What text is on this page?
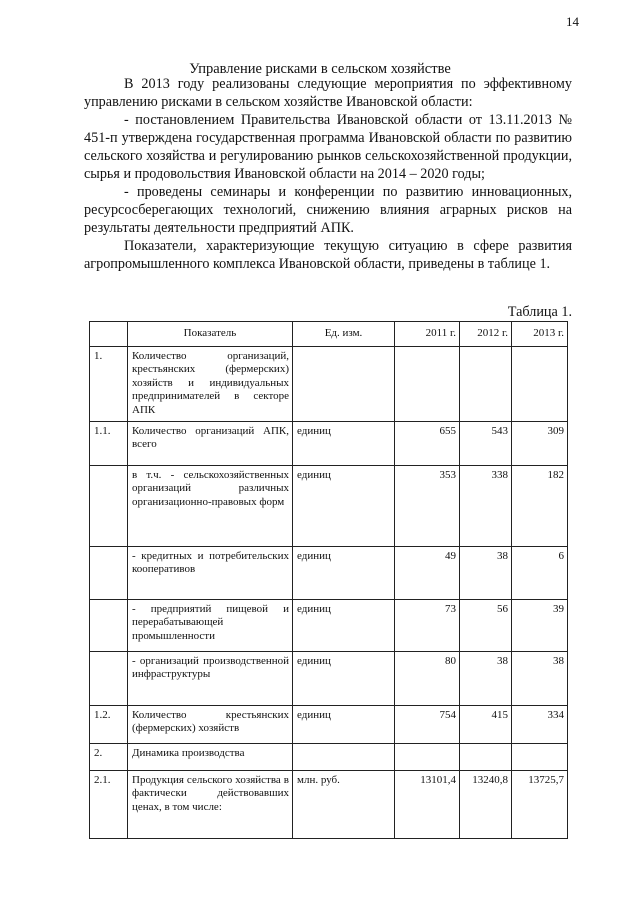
14
Управление рисками в сельском хозяйстве

В 2013 году реализованы следующие мероприятия по эффективному управлению рисками в сельском хозяйстве Ивановской области:

- постановлением Правительства Ивановской области от 13.11.2013 № 451-п утверждена государственная программа Ивановской области по развитию сельского хозяйства и регулированию рынков сельскохозяйственной продукции, сырья и продовольствия Ивановской области на 2014 – 2020 годы;

- проведены семинары и конференции по развитию инновационных, ресурсосберегающих технологий, снижению влияния аграрных рисков на результаты деятельности предприятий АПК.

Показатели, характеризующие текущую ситуацию в сфере развития агропромышленного комплекса Ивановской области, приведены в таблице 1.

Таблица 1.
	Показатель	Ед. изм.	2011 г.	2012 г.	2013 г.
1.	Количество организаций, крестьянских (фермерских) хозяйств и индивидуальных предпринимателей в секторе АПК				
1.1.	Количество организаций АПК, всего	единиц	655	543	309
	в т.ч. - сельскохозяйственных организаций различных организационно-правовых форм	единиц	353	338	182
	- кредитных и потребительских кооперативов	единиц	49	38	6
	- предприятий пищевой и перерабатывающей промышленности	единиц	73	56	39
	- организаций производственной инфраструктуры	единиц	80	38	38
1.2.	Количество крестьянских (фермерских) хозяйств	единиц	754	415	334
2.	Динамика производства				
2.1.	Продукция сельского хозяйства в фактически действовавших ценах, в том числе:	млн. руб.	13101,4	13240,8	13725,7
